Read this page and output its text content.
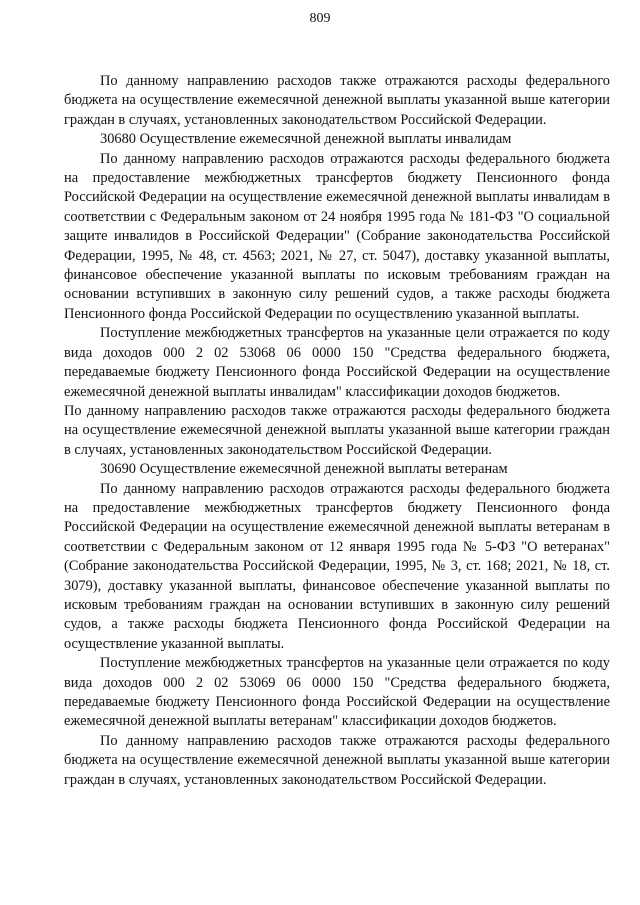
809

По данному направлению расходов также отражаются расходы федерального бюджета на осуществление ежемесячной денежной выплаты указанной выше категории граждан в случаях, установленных законодательством Российской Федерации.

30680 Осуществление ежемесячной денежной выплаты инвалидам

По данному направлению расходов отражаются расходы федерального бюджета на предоставление межбюджетных трансфертов бюджету Пенсионного фонда Российской Федерации на осуществление ежемесячной денежной выплаты инвалидам в соответствии с Федеральным законом от 24 ноября 1995 года № 181-ФЗ "О социальной защите инвалидов в Российской Федерации" (Собрание законодательства Российской Федерации, 1995, № 48, ст. 4563; 2021, № 27, ст. 5047), доставку указанной выплаты, финансовое обеспечение указанной выплаты по исковым требованиям граждан на основании вступивших в законную силу решений судов, а также расходы бюджета Пенсионного фонда Российской Федерации по осуществлению указанной выплаты.

Поступление межбюджетных трансфертов на указанные цели отражается по коду вида доходов 000 2 02 53068 06 0000 150 "Средства федерального бюджета, передаваемые бюджету Пенсионного фонда Российской Федерации на осуществление ежемесячной денежной выплаты инвалидам" классификации доходов бюджетов.

По данному направлению расходов также отражаются расходы федерального бюджета на осуществление ежемесячной денежной выплаты указанной выше категории граждан в случаях, установленных законодательством Российской Федерации.

30690 Осуществление ежемесячной денежной выплаты ветеранам

По данному направлению расходов отражаются расходы федерального бюджета на предоставление межбюджетных трансфертов бюджету Пенсионного фонда Российской Федерации на осуществление ежемесячной денежной выплаты ветеранам в соответствии с Федеральным законом от 12 января 1995 года № 5-ФЗ "О ветеранах" (Собрание законодательства Российской Федерации, 1995, № 3, ст. 168; 2021, № 18, ст. 3079), доставку указанной выплаты, финансовое обеспечение указанной выплаты по исковым требованиям граждан на основании вступивших в законную силу решений судов, а также расходы бюджета Пенсионного фонда Российской Федерации на осуществление указанной выплаты.

Поступление межбюджетных трансфертов на указанные цели отражается по коду вида доходов 000 2 02 53069 06 0000 150 "Средства федерального бюджета, передаваемые бюджету Пенсионного фонда Российской Федерации на осуществление ежемесячной денежной выплаты ветеранам" классификации доходов бюджетов.

По данному направлению расходов также отражаются расходы федерального бюджета на осуществление ежемесячной денежной выплаты указанной выше категории граждан в случаях, установленных законодательством Российской Федерации.
